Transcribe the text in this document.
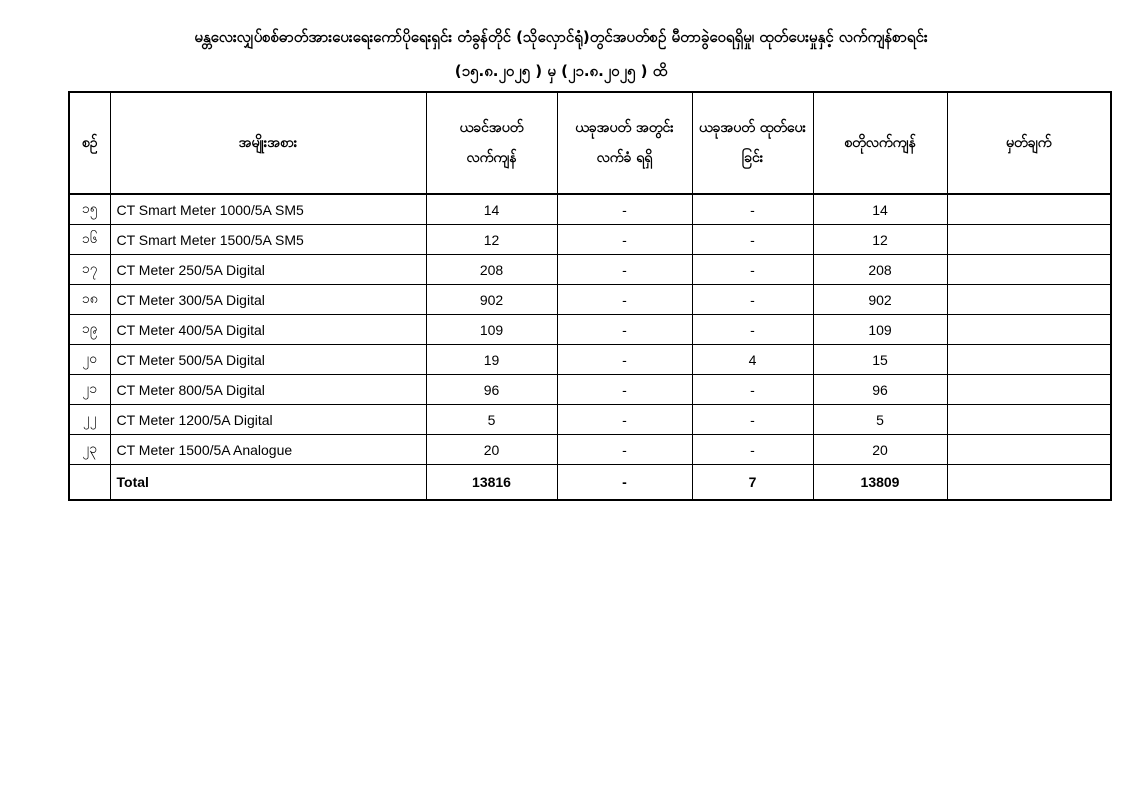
မန္တလေးလျှပ်စစ်ဓာတ်အားပေးရေးကော်ပိုရေးရှင်း တံခွန်တိုင် (သိုလှောင်ရုံ)တွင်အပတ်စဉ် မီတာခွဲဝေရရှိမှု၊ ထုတ်ပေးမှုနှင့် လက်ကျန်စာရင်း
(၁၅.၈.၂၀၂၅ ) မှ (၂၁.၈.၂၀၂၅ ) ထိ
စဉ်	အမျိုးအစား	ယခင်အပတ် လက်ကျန်	ယခုအပတ် အတွင်းလက်ခံ ရရှိ	ယခုအပတ် ထုတ်ပေးခြင်း	စတိုလက်ကျန်	မှတ်ချက်
၁၅	CT Smart Meter 1000/5A SM5	14	-	-	14	
၁၆	CT Smart Meter 1500/5A SM5	12	-	-	12	
၁၇	CT Meter 250/5A Digital	208	-	-	208	
၁၈	CT Meter 300/5A Digital	902	-	-	902	
၁၉	CT Meter 400/5A Digital	109	-	-	109	
၂၀	CT Meter 500/5A Digital	19	-	4	15	
၂၁	CT Meter 800/5A Digital	96	-	-	96	
၂၂	CT Meter 1200/5A Digital	5	-	-	5	
၂၃	CT Meter 1500/5A Analogue	20	-	-	20	
	Total	13816	-	7	13809	
